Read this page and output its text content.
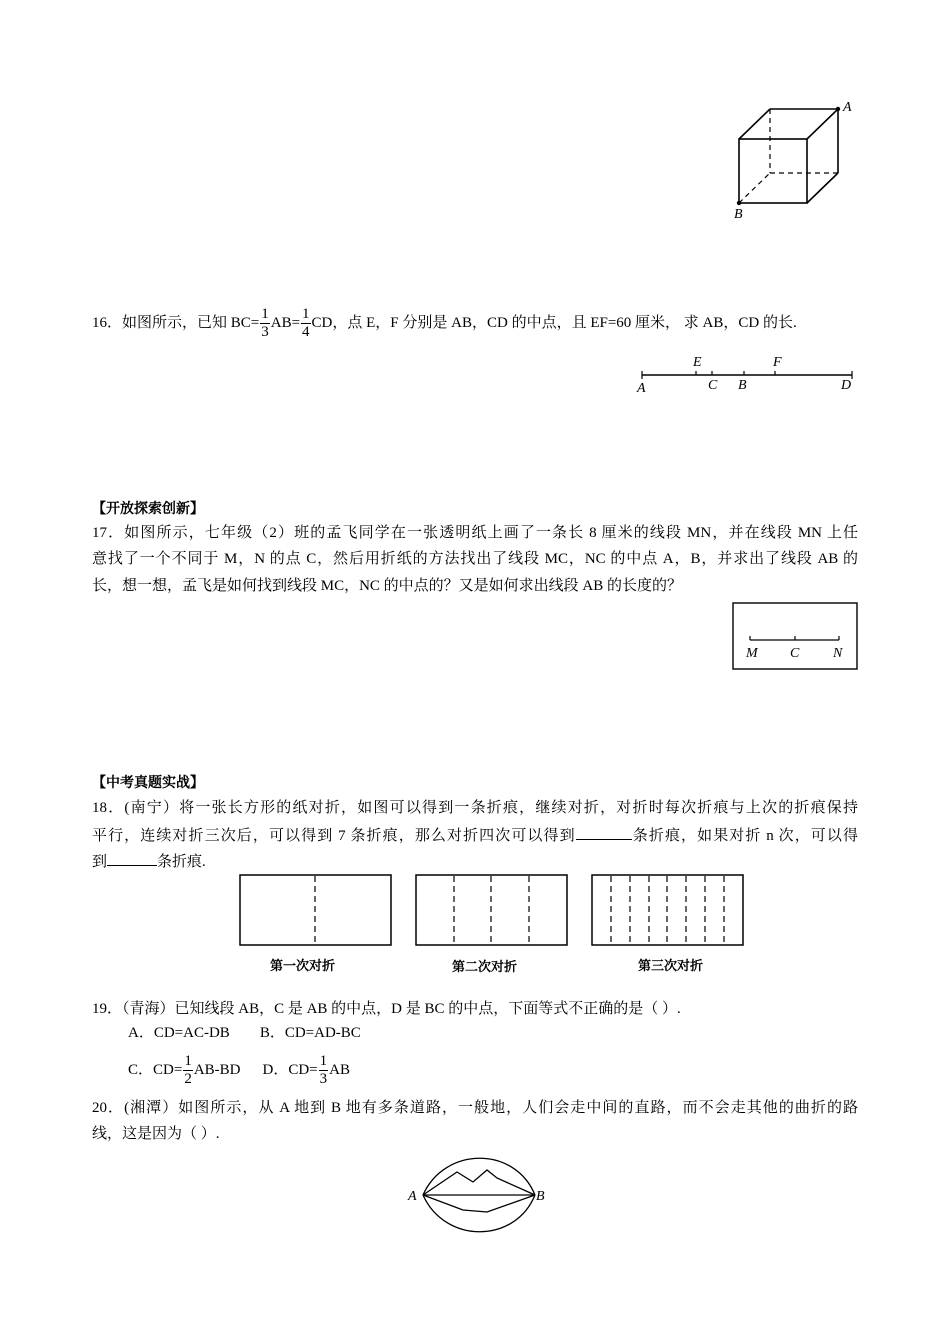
A
B
16．如图所示，已知 $BC= \frac{1}{3} AB= \frac{1}{4}$ CD，点 E，F 分别是 AB，CD 的中点，且 EF=60 厘米， 求 AB，CD 的长.
E	F
A	C B	D
【开放探索创新】
17．如图所示，七年级（2）班的孟飞同学在一张透明纸上画了一条长 8 厘米的线段 MN，并在线段 MN 上任
意找了一个不同于 M，N 的点 C，然后用折纸的方法找出了线段 MC，NC 的中点 A，B，并求出了线段 AB 的
长，想一想，孟飞是如何找到线段 MC，NC 的中点的？又是如何求出线段 AB 的长度的？
M C N
【中考真题实战】
18．(南宁）将一张长方形的纸对折，如图可以得到一条折痕，继续对折，对折时每次折痕与上次的折痕保持
平行，连续对折三次后，可以得到 7 条折痕，那么对折四次可以得到	条折痕，如果对折 n 次，可以得
到	条折痕.
第一次对折	第二次对折	第三次对折
19．（青海）已知线段 AB，C 是 AB 的中点，D 是 BC 的中点，下面等式不正确的是（ ）.
A．CD=AC-DB B．CD=AD-BC
C．$CD= \frac{1}{2} AB-BD$ D．$CD= \frac{1}{3}$ AB
20．(湘潭）如图所示，从 A 地到 B 地有多条道路，一般地，人们会走中间的直路，而不会走其他的曲折的路
线，这是因为（ ）.
A	B
